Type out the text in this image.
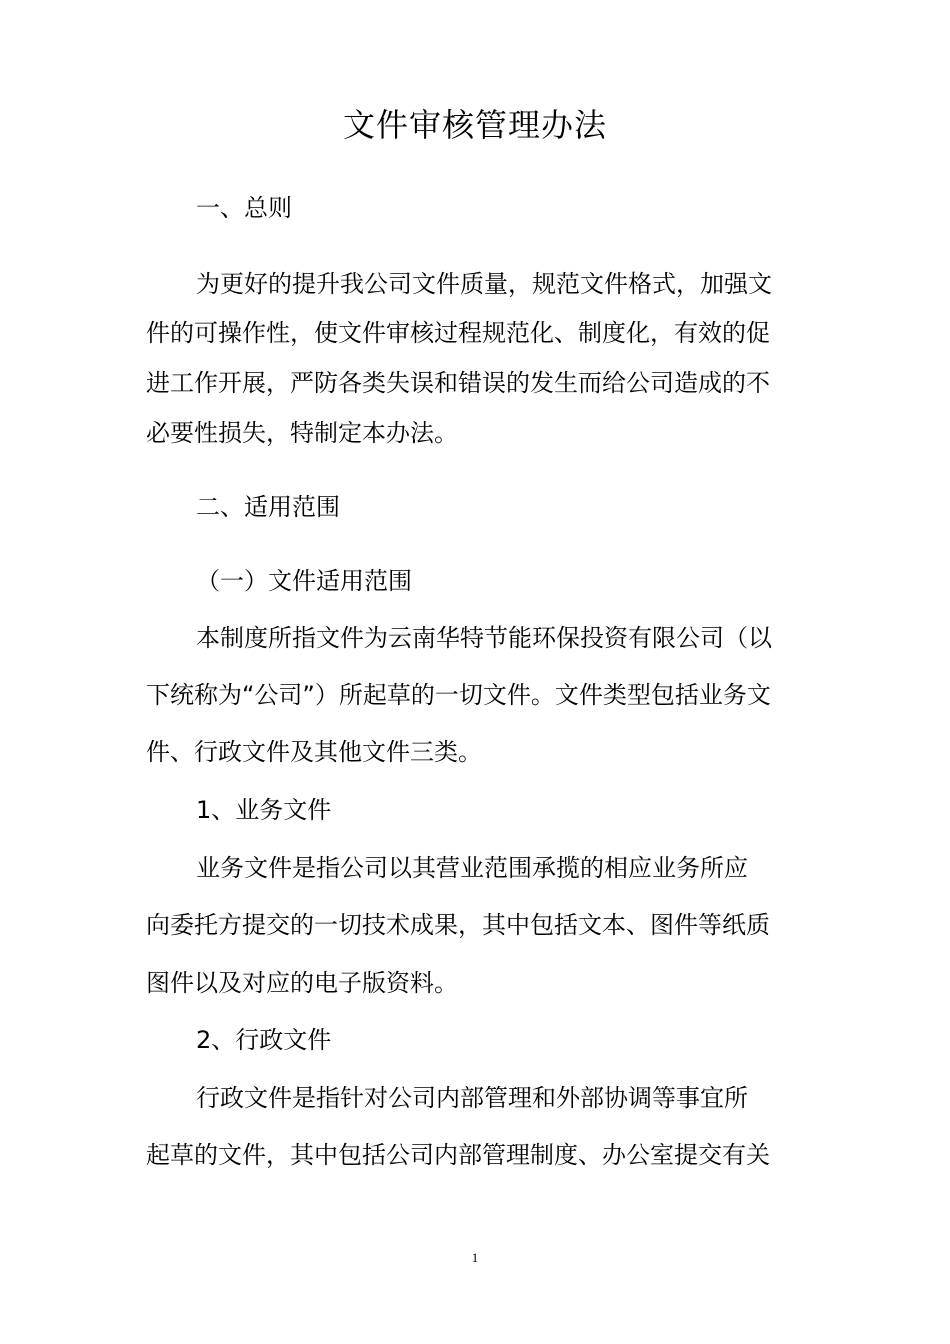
文件审核管理办法
一、总则
为更好的提升我公司文件质量，规范文件格式，加强文
件的可操作性，使文件审核过程规范化、制度化，有效的促
进工作开展，严防各类失误和错误的发生而给公司造成的不
必要性损失，特制定本办法。
二、适用范围
（一）文件适用范围
本制度所指文件为云南华特节能环保投资有限公司（以
下统称为“公司”）所起草的一切文件。文件类型包括业务文
件、行政文件及其他文件三类。
1、业务文件
业务文件是指公司以其营业范围承揽的相应业务所应
向委托方提交的一切技术成果，其中包括文本、图件等纸质
图件以及对应的电子版资料。
2、行政文件
行政文件是指针对公司内部管理和外部协调等事宜所
起草的文件，其中包括公司内部管理制度、办公室提交有关
1
